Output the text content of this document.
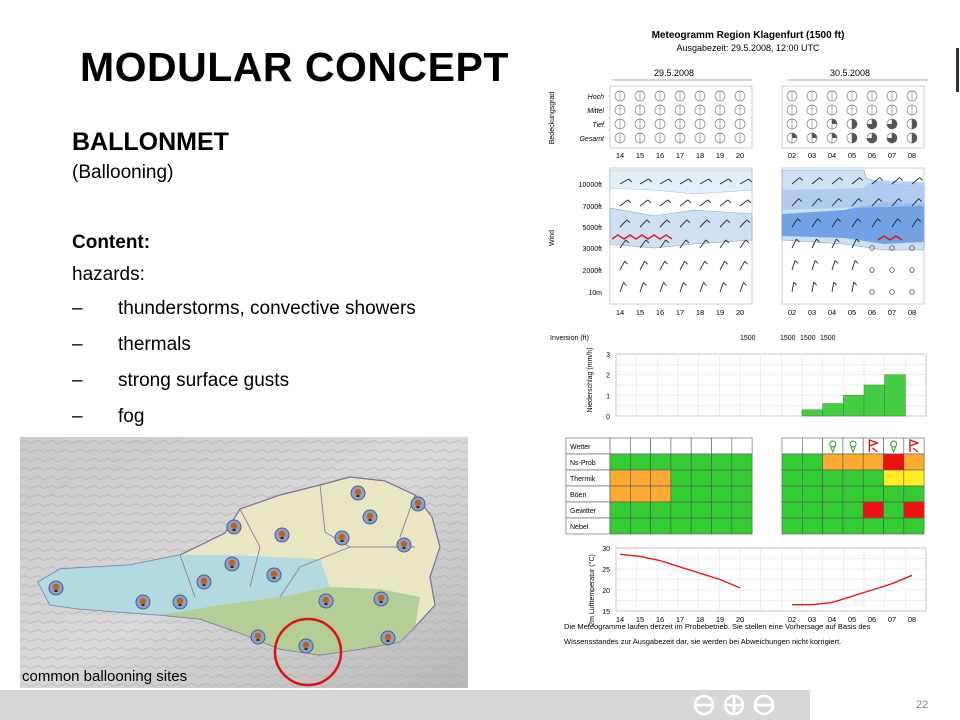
MODULAR CONCEPT
BALLONMET
(Ballooning)
Content:
hazards:
– thunderstorms, convective showers
– thermals
– strong surface gusts
– fog
common ballooning sites
Meteogramm Region Klagenfurt (1500 ft)
Ausgabezeit: 29.5.2008, 12:00 UTC
29.5.2008	30.5.2008
Bedeckungsgrad	Hoch
Mittel
Tief
Gesamt
14 15 16 17 18 19 20	02 03 04 05 06 07 08
Wind
10000ft
7000ft
5000ft
3000ft
2000ft
10m
14 15 16 17 18 19 20	02 03 04 05 06 07 08
Inversion (ft)	1500	1500 1500 1500
Niederschlag (mm/h) 3
2
1
0
Wetter
Ns-Prob
Thermik
Böen
Gewitter
Nebel
2m Lufttemperatur (°C)
30
25
20
15
14 15 16 17 18 19 20	02 03 04 05 06 07 08
Die Meteogramme laufen derzeit im Probebetrieb. Sie stellen eine Vorhersage auf Basis des
Wissensstandes zur Ausgabezeit dar, sie werden bei Abweichungen nicht korrigiert.
22
